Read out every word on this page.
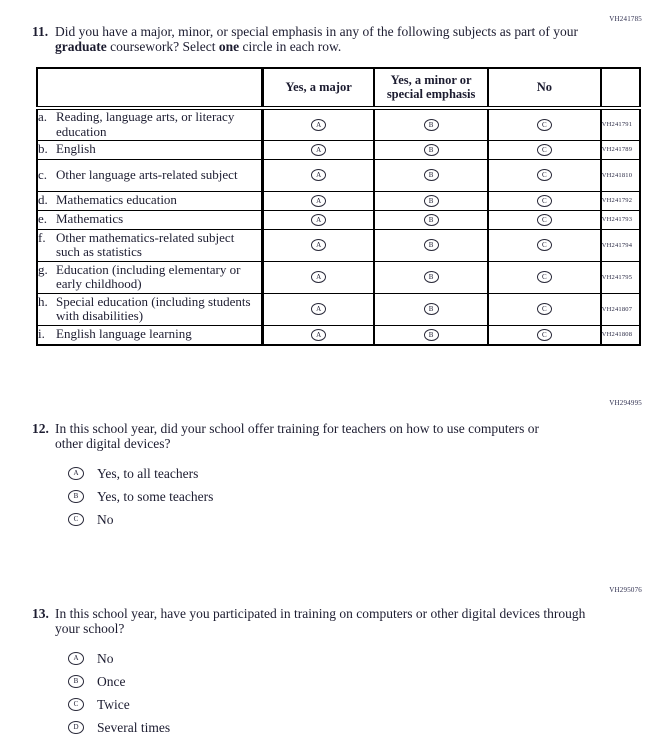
VH241785
11. Did you have a major, minor, or special emphasis in any of the following subjects as part of your graduate coursework? Select one circle in each row.
	Yes, a major	Yes, a minor or special emphasis	No	

a. Reading, language arts, or literacy education	A	B	C	VH241791

b. English	A	B	C	VH241789

c. Other language arts-related subject	A	B	C	VH241810

d. Mathematics education	A	B	C	VH241792

e. Mathematics	A	B	C	VH241793

f. Other mathematics-related subject such as statistics	A	B	C	VH241794

g. Education (including elementary or early childhood)	A	B	C	VH241795

h. Special education (including students with disabilities)	A	B	C	VH241807

i. English language learning	A	B	C	VH241808
VH294995
12. In this school year, did your school offer training for teachers on how to use computers or other digital devices?
A	Yes, to all teachers
B	Yes, to some teachers
C	No
VH295076
13. In this school year, have you participated in training on computers or other digital devices through your school?
A	No
B	Once
C	Twice
D	Several times
